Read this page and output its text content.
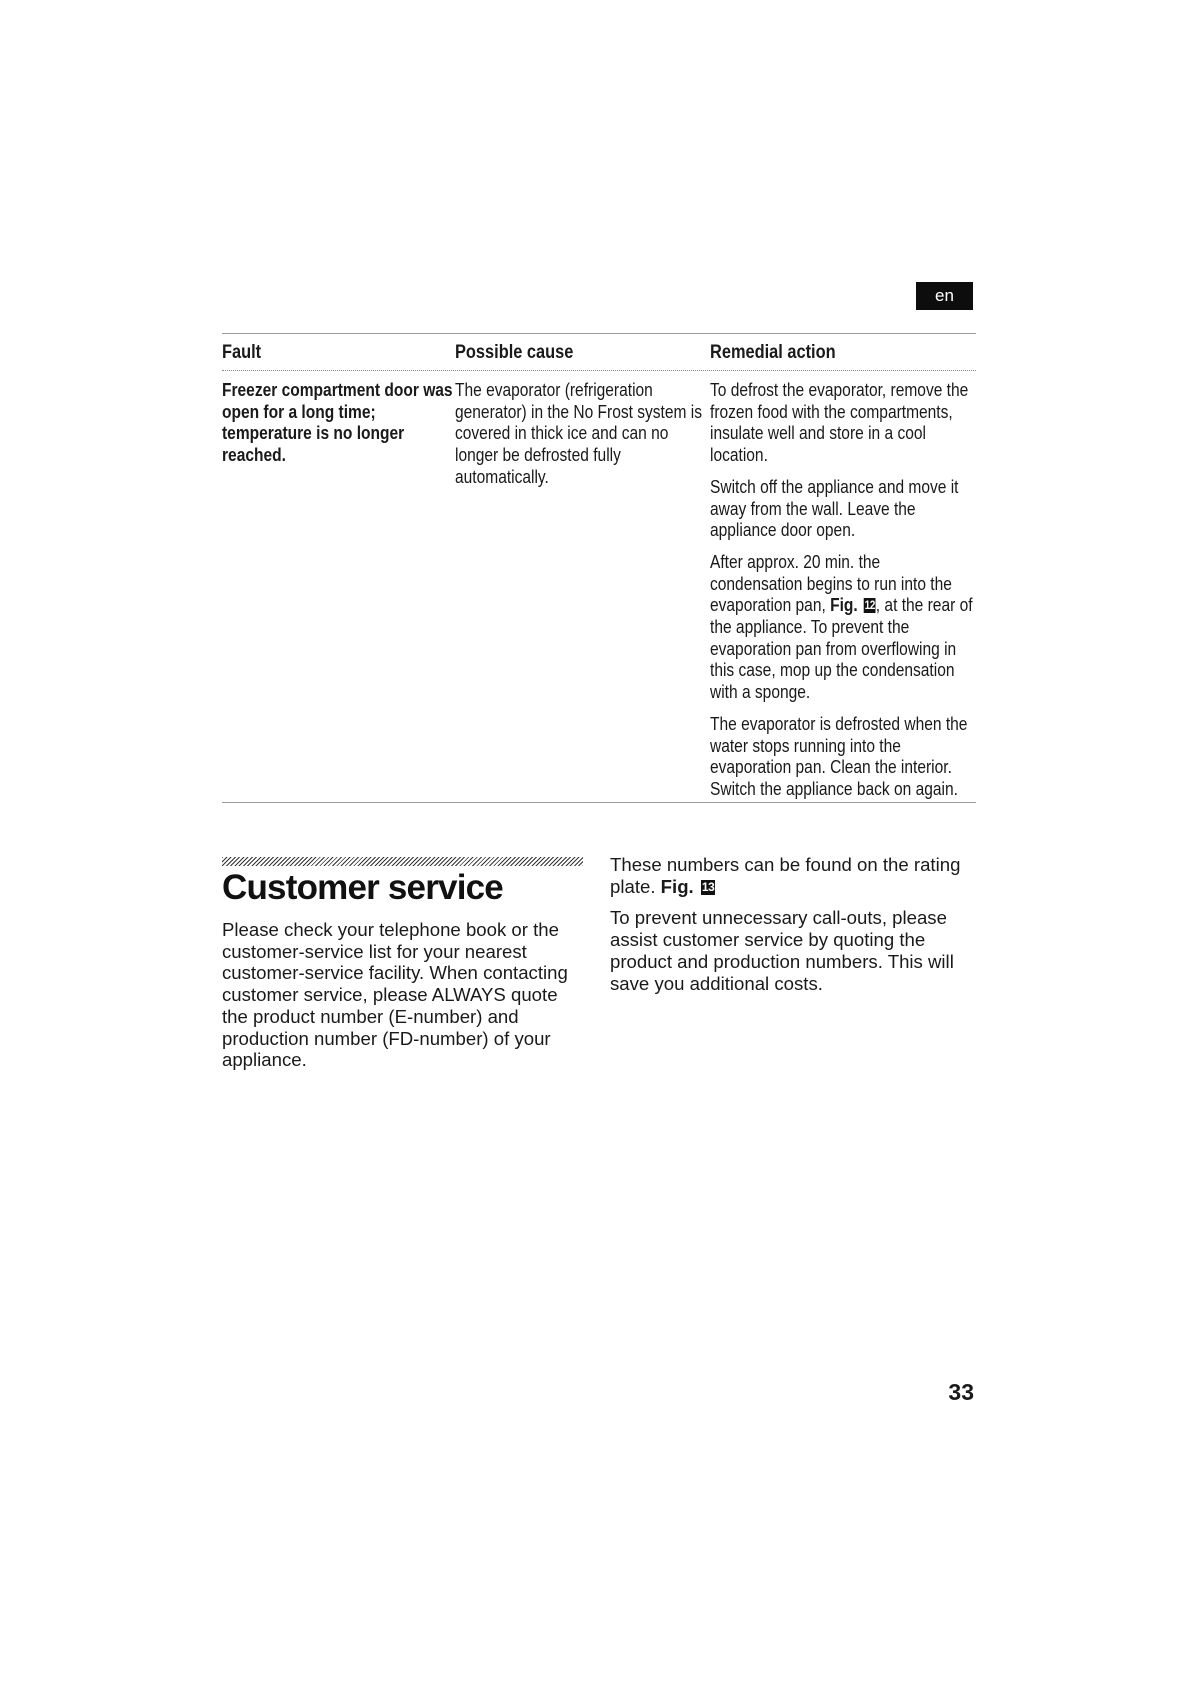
en
Fault	Possible cause	Remedial action
Freezer compartment door was open for a long time; temperature is no longer reached.
The evaporator (refrigeration generator) in the No Frost system is covered in thick ice and can no longer be defrosted fully automatically.

To defrost the evaporator, remove the frozen food with the compartments, insulate well and store in a cool location.

Switch off the appliance and move it away from the wall. Leave the appliance door open.

After approx. 20 min. the condensation begins to run into the evaporation pan, Fig. 12, at the rear of the appliance. To prevent the evaporation pan from overflowing in this case, mop up the condensation with a sponge.

The evaporator is defrosted when the water stops running into the evaporation pan. Clean the interior. Switch the appliance back on again.

Customer service

Please check your telephone book or the customer-service list for your nearest customer-service facility. When contacting customer service, please ALWAYS quote the product number (E-number) and production number (FD-number) of your appliance.

These numbers can be found on the rating plate. Fig. 13

To prevent unnecessary call-outs, please assist customer service by quoting the product and production numbers. This will save you additional costs.

33
